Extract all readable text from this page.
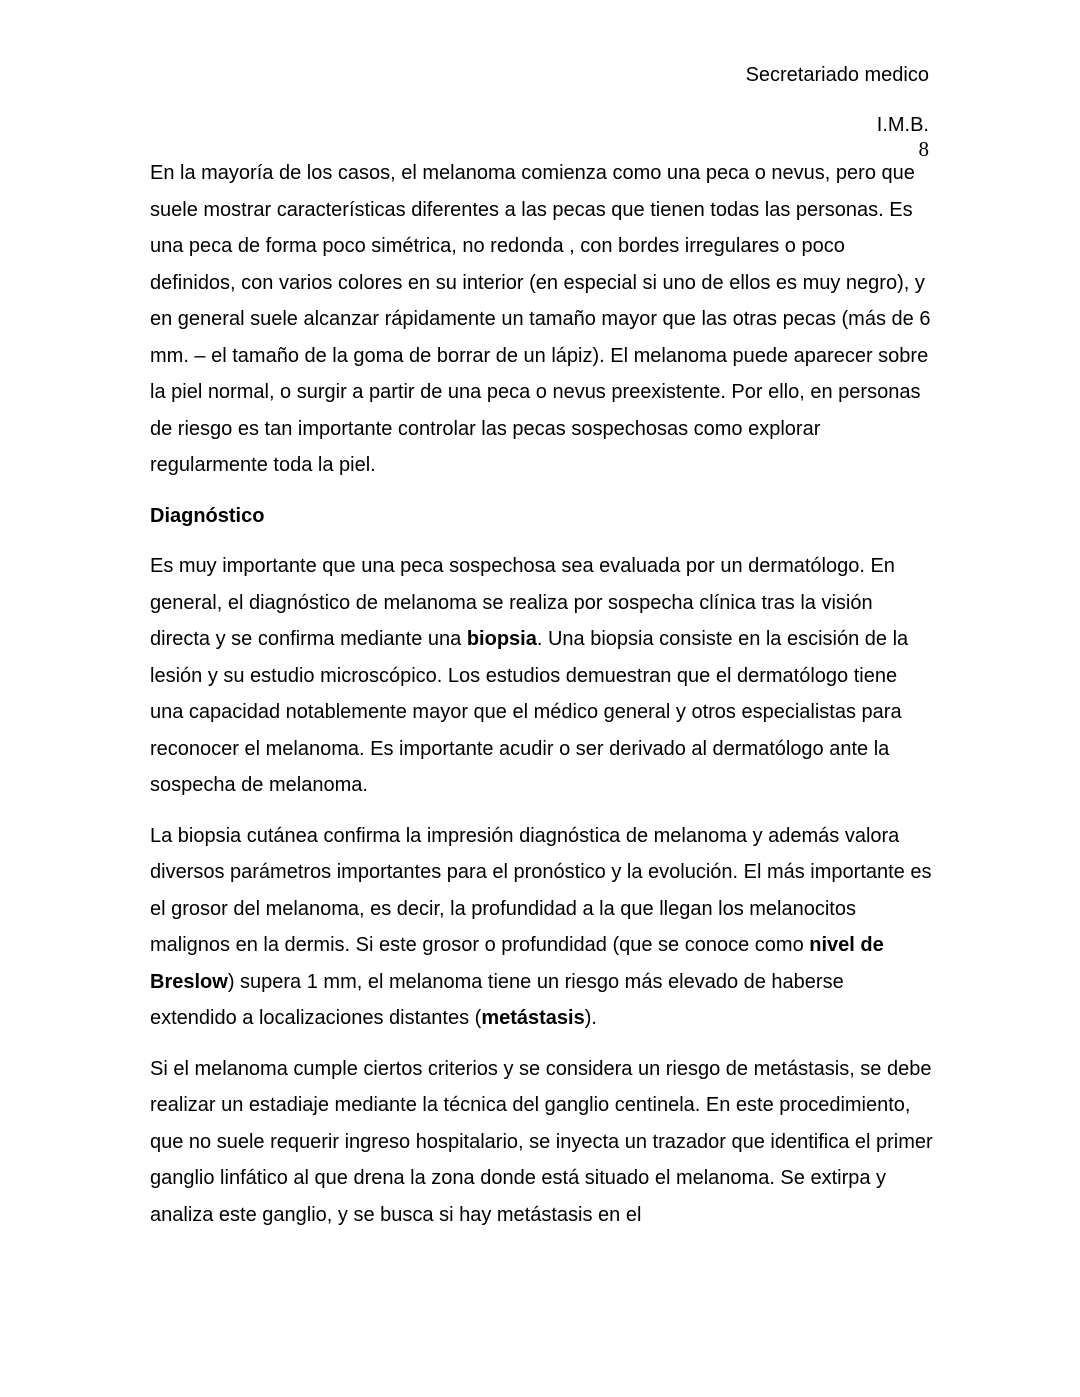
Secretariado medico
I.M.B.
8

En la mayoría de los casos, el melanoma comienza como una peca o nevus, pero que suele mostrar características diferentes a las pecas que tienen todas las personas. Es una peca de forma poco simétrica, no redonda , con bordes irregulares o poco definidos, con varios colores en su interior (en especial si uno de ellos es muy negro), y en general suele alcanzar rápidamente un tamaño mayor que las otras pecas (más de 6 mm. – el tamaño de la goma de borrar de un lápiz). El melanoma puede aparecer sobre la piel normal, o surgir a partir de una peca o nevus preexistente. Por ello, en personas de riesgo es tan importante controlar las pecas sospechosas como explorar regularmente toda la piel.

Diagnóstico

Es muy importante que una peca sospechosa sea evaluada por un dermatólogo. En general, el diagnóstico de melanoma se realiza por sospecha clínica tras la visión directa y se confirma mediante una biopsia. Una biopsia consiste en la escisión de la lesión y su estudio microscópico. Los estudios demuestran que el dermatólogo tiene una capacidad notablemente mayor que el médico general y otros especialistas para reconocer el melanoma. Es importante acudir o ser derivado al dermatólogo ante la sospecha de melanoma.

La biopsia cutánea confirma la impresión diagnóstica de melanoma y además valora diversos parámetros importantes para el pronóstico y la evolución. El más importante es el grosor del melanoma, es decir, la profundidad a la que llegan los melanocitos malignos en la dermis. Si este grosor o profundidad (que se conoce como nivel de Breslow) supera 1 mm, el melanoma tiene un riesgo más elevado de haberse extendido a localizaciones distantes (metástasis).

Si el melanoma cumple ciertos criterios y se considera un riesgo de metástasis, se debe realizar un estadiaje mediante la técnica del ganglio centinela. En este procedimiento, que no suele requerir ingreso hospitalario, se inyecta un trazador que identifica el primer ganglio linfático al que drena la zona donde está situado el melanoma. Se extirpa y analiza este ganglio, y se busca si hay metástasis en el
